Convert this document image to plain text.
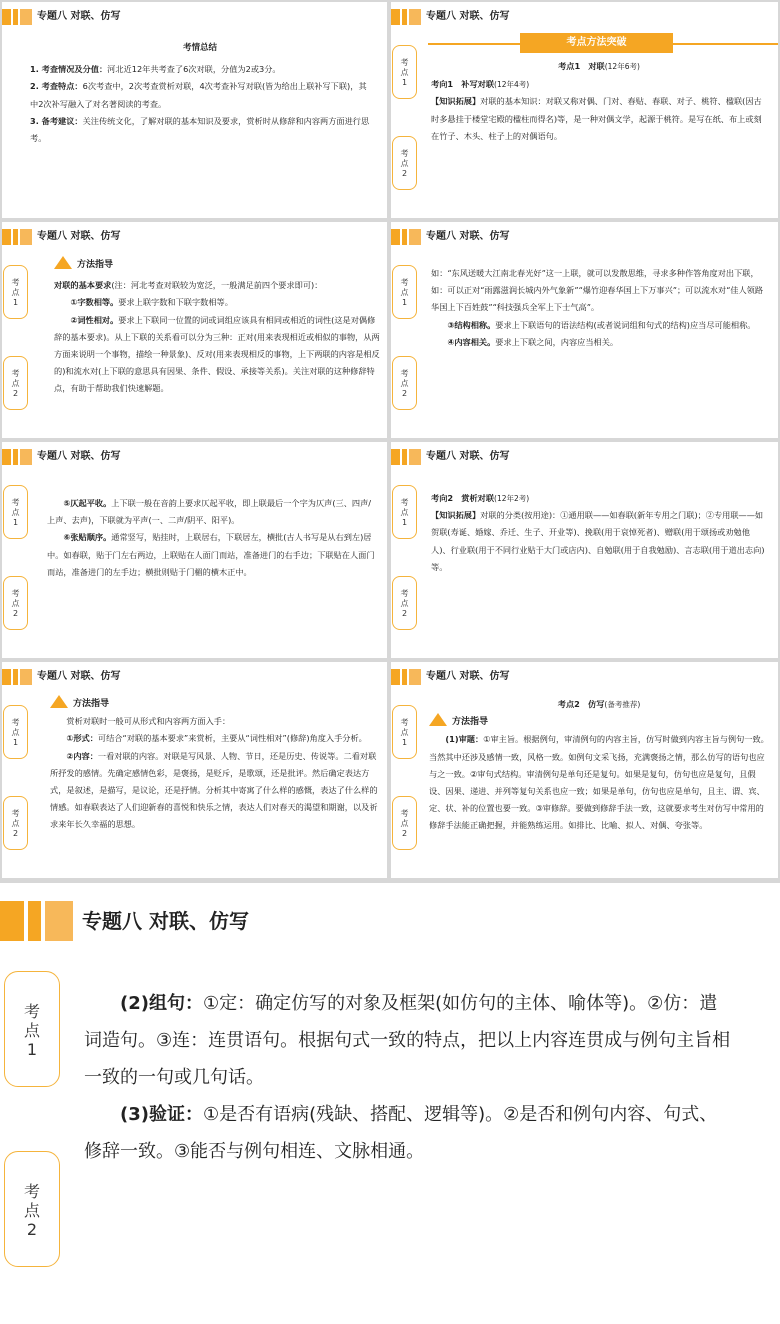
专题八 对联、仿写

考情总结

1. 考查情况及分值：河北近12年共考查了6次对联，分值为2或3分。

2. 考查特点：6次考查中，2次考查赏析对联，4次考查补写对联(皆为给出上联补写下联)，其中2次补写融入了对名著阅读的考查。

3. 备考建议：关注传统文化，了解对联的基本知识及要求，赏析时从修辞和内容两方面进行思考。

专题八 对联、仿写
考点方法突破
考
点
1
考
点
2

考点1　对联(12年6考)

考向1　补写对联(12年4考)

【知识拓展】对联的基本知识：对联又称对偶、门对、春贴、春联、对子、桃符、楹联(因古时多悬挂于楼堂宅殿的楹柱而得名)等，是一种对偶文学，起源于桃符。是写在纸、布上或刻在竹子、木头、柱子上的对偶语句。

专题八 对联、仿写
考
点
1
考
点
2

方法指导

对联的基本要求(注：河北考查对联较为宽泛，一般满足前四个要求即可)：

①字数相等。要求上联字数和下联字数相等。

②词性相对。要求上下联同一位置的词或词组应该具有相同或相近的词性(这是对偶修辞的基本要求)。从上下联的关系看可以分为三种：正对(用来表现相近或相似的事物，从两方面来说明一个事物，描绘一种景象)、反对(用来表现相反的事物，上下两联的内容是相反的)和流水对(上下联的意思具有因果、条件、假设、承接等关系)。关注对联的这种修辞特点，有助于帮助我们快速解题。

专题八 对联、仿写
考
点
1
考
点
2

如：“东风送暖大江南北春光好”这一上联，就可以发散思维，寻求多种作答角度对出下联，如：可以正对“雨露滋润长城内外气象新”“爆竹迎春华国上下万事兴”；可以流水对“佳人领路华国上下百姓鼓”“科技强兵全军上下士气高”。

③结构相称。要求上下联语句的语法结构(或者说词组和句式的结构)应当尽可能相称。

④内容相关。要求上下联之间，内容应当相关。

专题八 对联、仿写
考
点
1
考
点
2

⑤仄起平收。上下联一般在音韵上要求仄起平收，即上联最后一个字为仄声(三、四声/上声、去声)，下联就为平声(一、二声/阴平、阳平)。

⑥张贴顺序。通常竖写，贴挂时，上联居右，下联居左，横批(古人书写是从右到左)居中。如春联，贴于门左右两边，上联贴在人面门而站，准备进门的右手边；下联贴在人面门而站，准备进门的左手边；横批则贴于门楣的横木正中。

专题八 对联、仿写
考
点
1
考
点
2

考向2　赏析对联(12年2考)

【知识拓展】对联的分类(按用途)：①通用联——如春联(新年专用之门联)；②专用联——如贺联(寿诞、婚嫁、乔迁、生子、开业等)、挽联(用于哀悼死者)、赠联(用于颂扬或劝勉他人)、行业联(用于不同行业贴于大门或店内)、自勉联(用于自我勉励)、言志联(用于道出志向)等。

专题八 对联、仿写
考
点
1
考
点
2

方法指导

赏析对联时一般可从形式和内容两方面入手：

①形式：可结合“对联的基本要求”来赏析，主要从“词性相对”(修辞)角度入手分析。

②内容：一看对联的内容。对联是写风景、人物、节日，还是历史、传说等。二看对联所抒发的感情。先确定感情色彩，是褒扬，是贬斥，是歌颂，还是批评。然后确定表达方式，是叙述，是描写，是议论，还是抒情。分析其中寄寓了什么样的感慨，表达了什么样的情感。如春联表达了人们迎新春的喜悦和快乐之情，表达人们对春天的渴望和期谢，以及祈求来年长久幸福的思想。

专题八 对联、仿写
考
点
1
考
点
2

考点2　仿写(备考推荐)

方法指导

(1)审题：①审主旨。根据例句，审清例句的内容主旨，仿写时做到内容主旨与例句一致。当然其中还涉及感情一致，风格一致。如例句文采飞扬，充满褒扬之情，那么仿写的语句也应与之一致。②审句式结构。审清例句是单句还是复句。如果是复句，仿句也应是复句，且假设、因果、递进、并列等复句关系也应一致；如果是单句，仿句也应是单句，且主、谓、宾、定、状、补的位置也要一致。③审修辞。要做到修辞手法一致，这就要求考生对仿写中常用的修辞手法能正确把握，并能熟练运用。如排比、比喻、拟人、对偶、夸张等。

专题八 对联、仿写
考
点
1
考
点
2

(2)组句：①定：确定仿写的对象及框架(如仿句的主体、喻体等)。②仿：遣词造句。③连：连贯语句。根据句式一致的特点，把以上内容连贯成与例句主旨相一致的一句或几句话。

(3)验证：①是否有语病(残缺、搭配、逻辑等)。②是否和例句内容、句式、修辞一致。③能否与例句相连、文脉相通。
